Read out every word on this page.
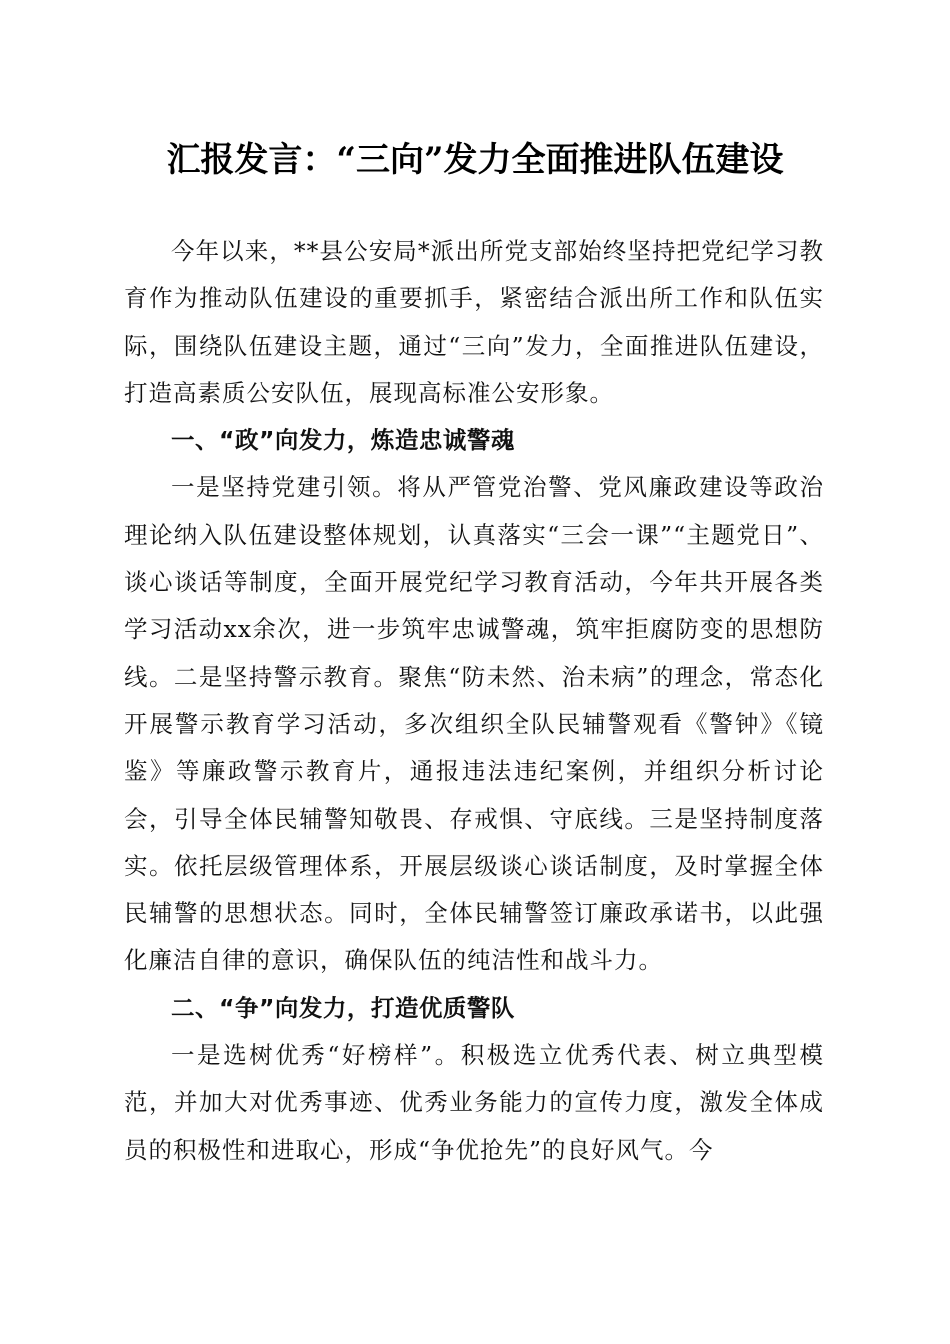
汇报发言：“三向”发力全面推进队伍建设

今年以来，**县公安局*派出所党支部始终坚持把党纪学习教育作为推动队伍建设的重要抓手，紧密结合派出所工作和队伍实际，围绕队伍建设主题，通过“三向”发力，全面推进队伍建设，打造高素质公安队伍，展现高标准公安形象。

一、“政”向发力，炼造忠诚警魂

一是坚持党建引领。将从严管党治警、党风廉政建设等政治理论纳入队伍建设整体规划，认真落实“三会一课”“主题党日”、谈心谈话等制度，全面开展党纪学习教育活动，今年共开展各类学习活动xx余次，进一步筑牢忠诚警魂，筑牢拒腐防变的思想防线。二是坚持警示教育。聚焦“防未然、治未病”的理念，常态化开展警示教育学习活动，多次组织全队民辅警观看《警钟》《镜鉴》等廉政警示教育片，通报违法违纪案例，并组织分析讨论会，引导全体民辅警知敬畏、存戒惧、守底线。三是坚持制度落实。依托层级管理体系，开展层级谈心谈话制度，及时掌握全体民辅警的思想状态。同时，全体民辅警签订廉政承诺书，以此强化廉洁自律的意识，确保队伍的纯洁性和战斗力。

二、“争”向发力，打造优质警队

一是选树优秀“好榜样”。积极选立优秀代表、树立典型模范，并加大对优秀事迹、优秀业务能力的宣传力度，激发全体成员的积极性和进取心，形成“争优抢先”的良好风气。今
